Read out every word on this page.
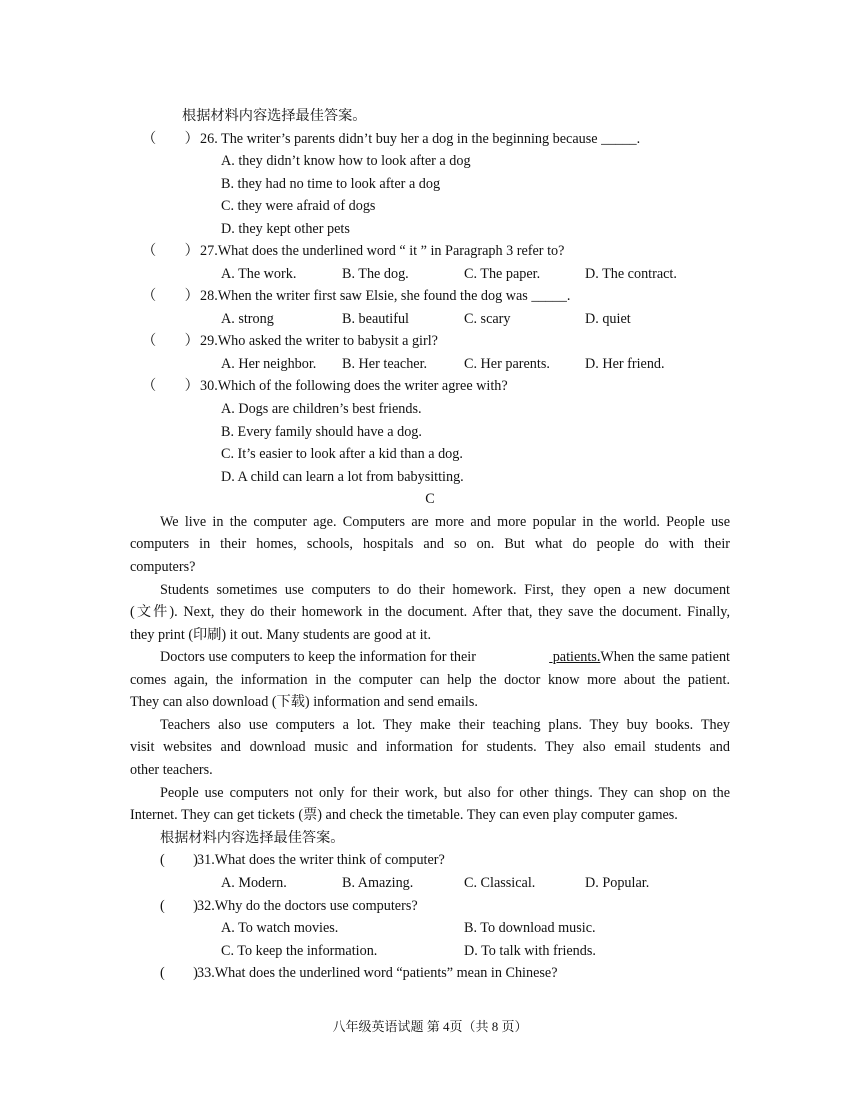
根据材料内容选择最佳答案。
（　　） 26. The writer’s parents didn’t buy her a dog in the beginning because _____.
A. they didn’t know how to look after a dog
B. they had no time to look after a dog
C. they were afraid of dogs
D. they kept other pets
（　　） 27.What does the underlined word “ it ” in Paragraph 3 refer to?
A. The work.	B. The dog.	C. The paper.	D. The contract.
（　　） 28.When the writer first saw Elsie, she found the dog was _____.
A. strong	B. beautiful	C. scary	D. quiet
（　　） 29.Who asked the writer to babysit a girl?
A. Her neighbor. B. Her teacher.	C. Her parents. D. Her friend.
（　　） 30.Which of the following does the writer agree with?
A. Dogs are children’s best friends.
B. Every family should have a dog.
C. It’s easier to look after a kid than a dog.
D. A child can learn a lot from babysitting.
C
We live in the computer age. Computers are more and more popular in the world. People use
computers in their homes, schools, hospitals and so on. But what do people do with their
computers?
Students sometimes use computers to do their homework. First, they open a new document
(文件). Next, they do their homework in the document. After that, they save the document. Finally,
they print (印刷) it out. Many students are good at it.
Doctors use computers to keep the information for their	patients. When the same patient
comes again, the information in the computer can help the doctor know more about the patient.
They can also download (下载) information and send emails.
Teachers also use computers a lot. They make their teaching plans. They buy books. They
visit websites and download music and information for students. They also email students and
other teachers.
People use computers not only for their work, but also for other things. They can shop on the
Internet. They can get tickets (票) and check the timetable. They can even play computer games.
根据材料内容选择最佳答案。
(　　) 31.What does the writer think of computer?
A. Modern.	B. Amazing.	C. Classical.	D. Popular.
(　　) 32.Why do the doctors use computers?
A. To watch movies.	B. To download music.
C. To keep the information.	D. To talk with friends.
(　　) 33.What does the underlined word “patients” mean in Chinese?
八年级英语试题 第 4页（共 8 页）
